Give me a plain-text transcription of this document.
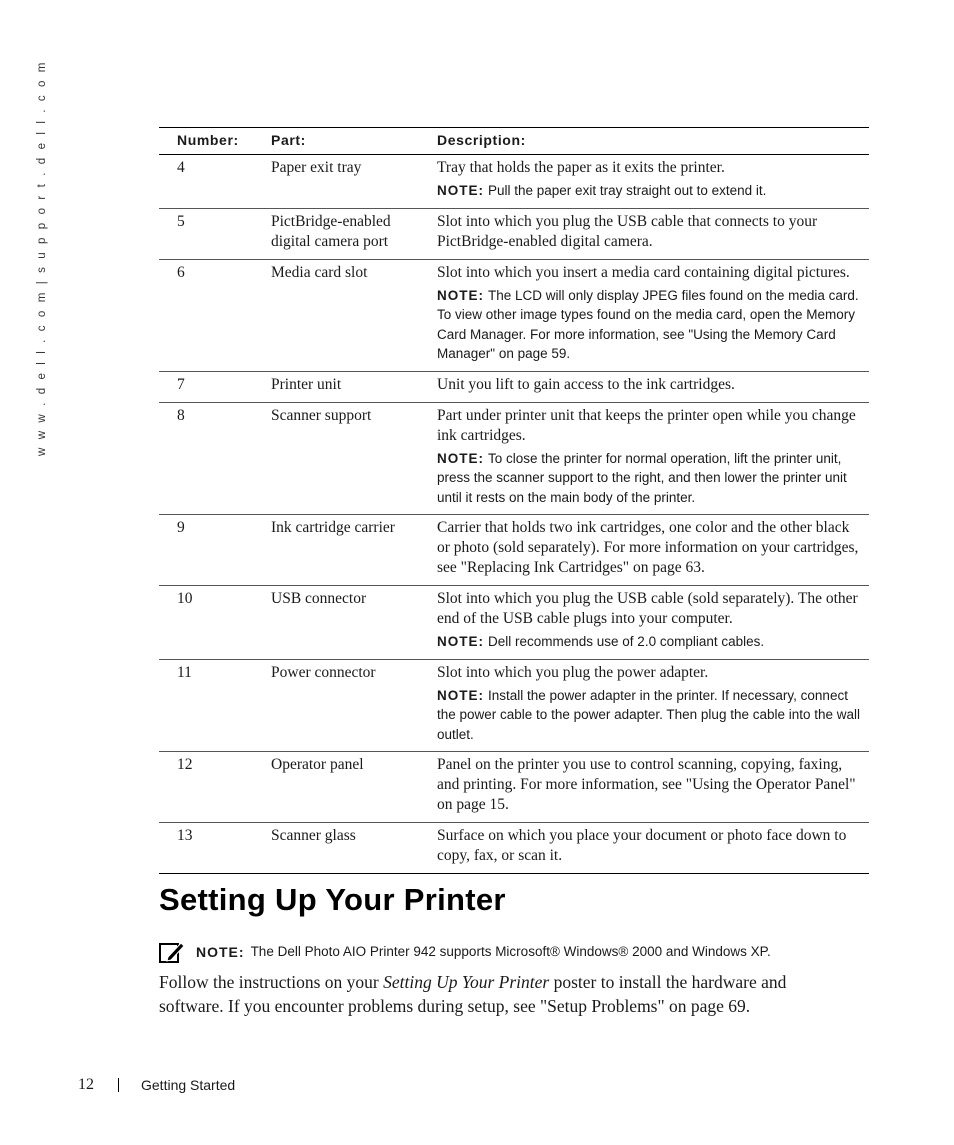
w w w . d e l l . c o m | s u p p o r t . d e l l . c o m	Number:	Part:	Description:
4	Paper exit tray	Tray that holds the paper as it exits the printer.
NOTE: Pull the paper exit tray straight out to extend it.

5	PictBridge-enabled digital camera port	Slot into which you plug the USB cable that connects to your PictBridge-enabled digital camera.

6	Media card slot	Slot into which you insert a media card containing digital pictures.
NOTE: The LCD will only display JPEG files found on the media card. To view other image types found on the media card, open the Memory Card Manager. For more information, see "Using the Memory Card Manager" on page 59.

7	Printer unit	Unit you lift to gain access to the ink cartridges.

8	Scanner support	Part under printer unit that keeps the printer open while you change ink cartridges.
NOTE: To close the printer for normal operation, lift the printer unit, press the scanner support to the right, and then lower the printer unit until it rests on the main body of the printer.

9	Ink cartridge carrier	Carrier that holds two ink cartridges, one color and the other black or photo (sold separately). For more information on your cartridges, see "Replacing Ink Cartridges" on page 63.

10	USB connector	Slot into which you plug the USB cable (sold separately). The other end of the USB cable plugs into your computer.
NOTE: Dell recommends use of 2.0 compliant cables.

11	Power connector	Slot into which you plug the power adapter.
NOTE: Install the power adapter in the printer. If necessary, connect the power cable to the power adapter. Then plug the cable into the wall outlet.

12	Operator panel	Panel on the printer you use to control scanning, copying, faxing, and printing. For more information, see "Using the Operator Panel" on page 15.

13	Scanner glass	Surface on which you place your document or photo face down to copy, fax, or scan it.
Setting Up Your Printer
NOTE: The Dell Photo AIO Printer 942 supports Microsoft® Windows® 2000 and Windows XP.

Follow the instructions on your Setting Up Your Printer poster to install the hardware and software. If you encounter problems during setup, see "Setup Problems" on page 69.

12	Getting Started
